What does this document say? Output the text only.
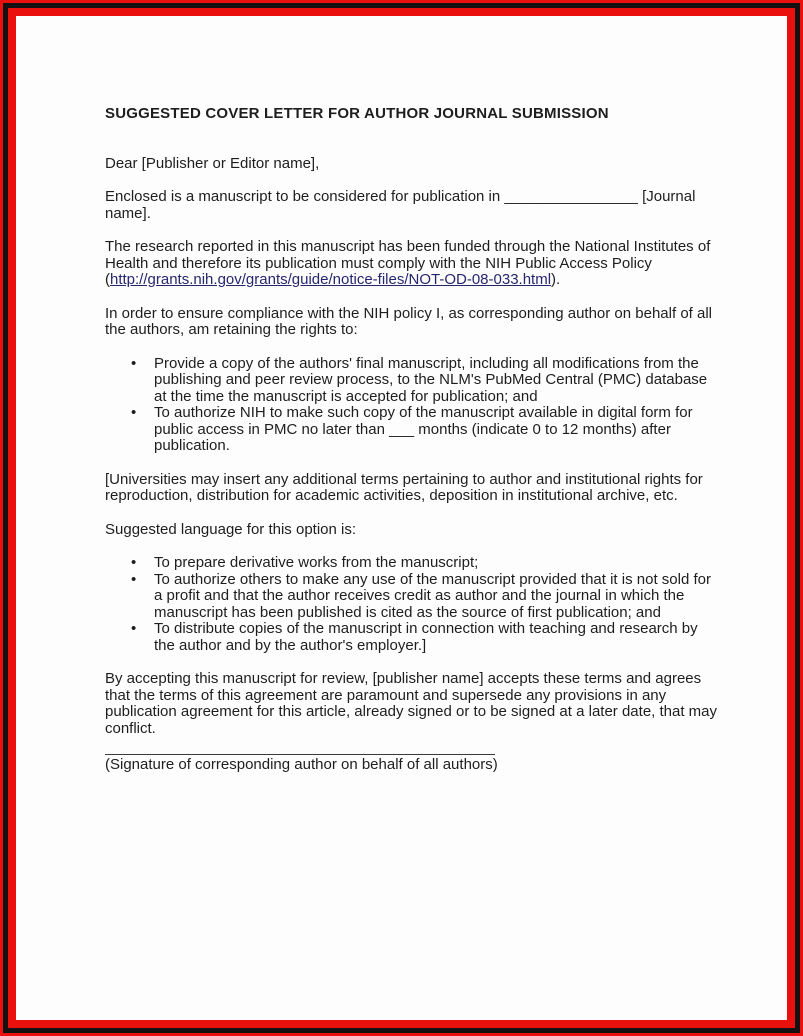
SUGGESTED COVER LETTER FOR AUTHOR JOURNAL SUBMISSION

Dear [Publisher or Editor name],

Enclosed is a manuscript to be considered for publication in ________________ [Journal name].

The research reported in this manuscript has been funded through the National Institutes of Health and therefore its publication must comply with the NIH Public Access Policy (http://grants.nih.gov/grants/guide/notice-files/NOT-OD-08-033.html).

In order to ensure compliance with the NIH policy I, as corresponding author on behalf of all the authors, am retaining the rights to:

• Provide a copy of the authors' final manuscript, including all modifications from the publishing and peer review process, to the NLM's PubMed Central (PMC) database at the time the manuscript is accepted for publication; and
• To authorize NIH to make such copy of the manuscript available in digital form for public access in PMC no later than ___ months (indicate 0 to 12 months) after publication.

[Universities may insert any additional terms pertaining to author and institutional rights for reproduction, distribution for academic activities, deposition in institutional archive, etc.

Suggested language for this option is:

• To prepare derivative works from the manuscript;
• To authorize others to make any use of the manuscript provided that it is not sold for a profit and that the author receives credit as author and the journal in which the manuscript has been published is cited as the source of first publication; and
• To distribute copies of the manuscript in connection with teaching and research by the author and by the author's employer.]

By accepting this manuscript for review, [publisher name] accepts these terms and agrees that the terms of this agreement are paramount and supersede any provisions in any publication agreement for this article, already signed or to be signed at a later date, that may conflict.

(Signature of corresponding author on behalf of all authors)
